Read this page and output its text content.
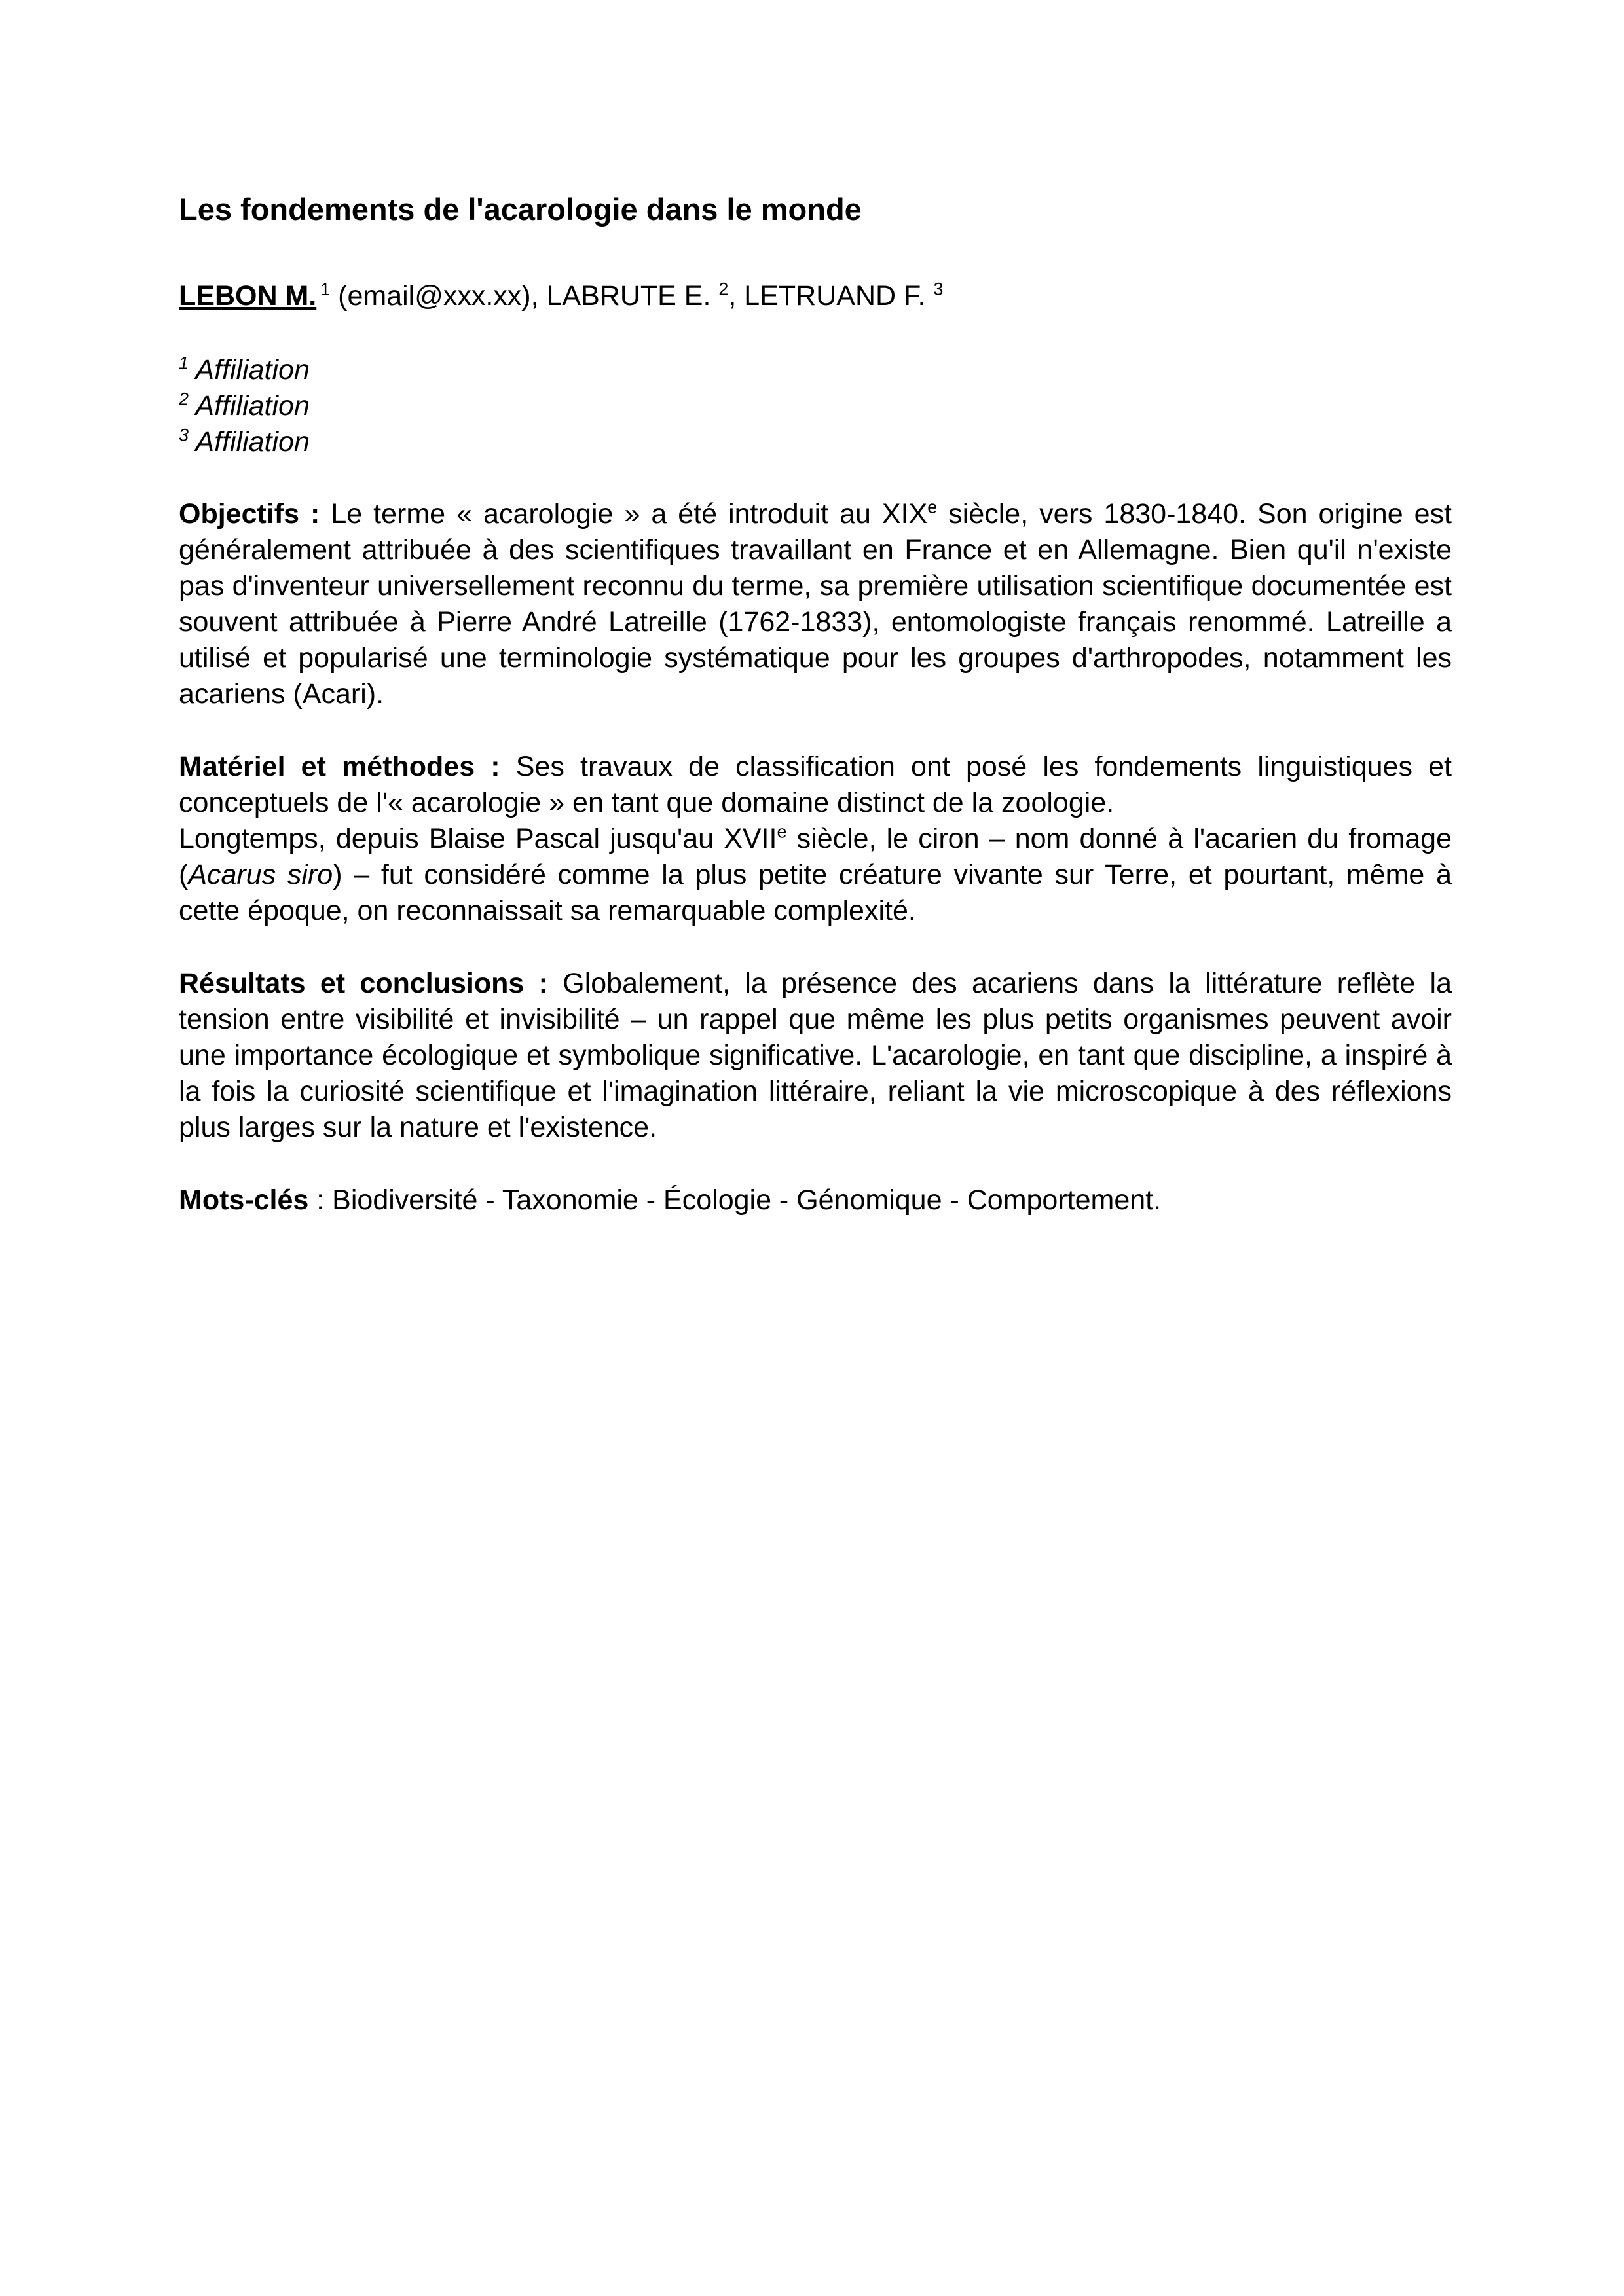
Les fondements de l'acarologie dans le monde

LEBON M. $^1$ (email@xxx.xx), LABRUTE E. $^2$, LETRUAND F. $^3$

$^1$ Affiliation

$^2$ Affiliation

$^3$ Affiliation

Objectifs : Le terme « acarologie » a été introduit au XIXe siècle, vers 1830-1840. Son origine est généralement attribuée à des scientifiques travaillant en France et en Allemagne. Bien qu'il n'existe pas d'inventeur universellement reconnu du terme, sa première utilisation scientifique documentée est souvent attribuée à Pierre André Latreille (1762-1833), entomologiste français renommé. Latreille a utilisé et popularisé une terminologie systématique pour les groupes d'arthropodes, notamment les acariens (Acari).

Matériel et méthodes : Ses travaux de classification ont posé les fondements linguistiques et conceptuels de l'« acarologie » en tant que domaine distinct de la zoologie.
Longtemps, depuis Blaise Pascal jusqu'au XVIIe siècle, le ciron – nom donné à l'acarien du fromage (Acarus siro) – fut considéré comme la plus petite créature vivante sur Terre, et pourtant, même à cette époque, on reconnaissait sa remarquable complexité.

Résultats et conclusions : Globalement, la présence des acariens dans la littérature reflète la tension entre visibilité et invisibilité – un rappel que même les plus petits organismes peuvent avoir une importance écologique et symbolique significative. L'acarologie, en tant que discipline, a inspiré à la fois la curiosité scientifique et l'imagination littéraire, reliant la vie microscopique à des réflexions plus larges sur la nature et l'existence.

Mots-clés : Biodiversité - Taxonomie - Écologie - Génomique - Comportement.
